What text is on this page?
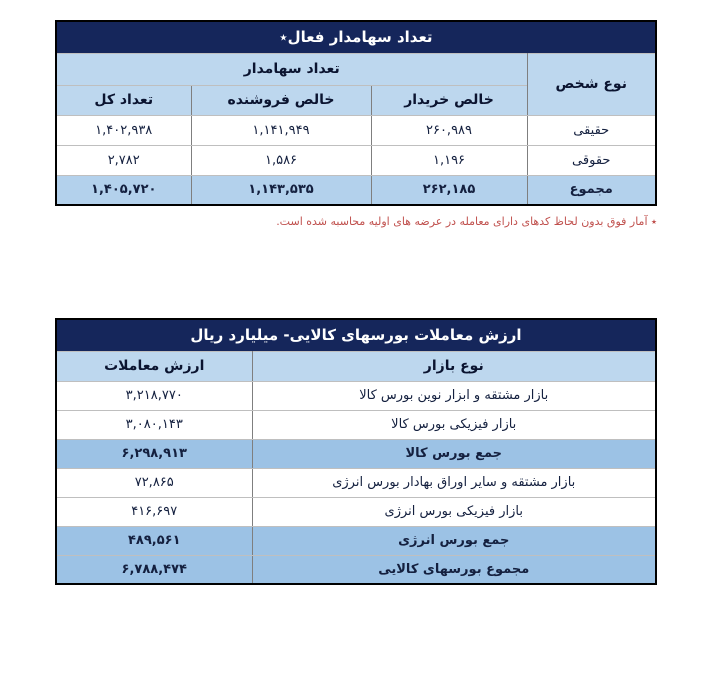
تعداد سهامدار فعال٭			
نوع شخص	تعداد سهامدار		
	خالص خریدار	خالص فروشنده	تعداد کل
حقیقی	۲۶۰,۹۸۹	۱,۱۴۱,۹۴۹	۱,۴۰۲,۹۳۸
حقوقی	۱,۱۹۶	۱,۵۸۶	۲,۷۸۲
مجموع	۲۶۲,۱۸۵	۱,۱۴۳,۵۳۵	۱,۴۰۵,۷۲۰
٭ آمار فوق بدون لحاظ کدهای دارای معامله در عرضه های اولیه محاسبه شده است.
ارزش معاملات بورسهای کالایی- میلیارد ریال	
نوع بازار	ارزش معاملات
بازار مشتقه و ابزار نوین بورس کالا	۳,۲۱۸,۷۷۰
بازار فیزیکی بورس کالا	۳,۰۸۰,۱۴۳
جمع بورس کالا	۶,۲۹۸,۹۱۳
بازار مشتقه و سایر اوراق بهادار بورس انرژی	۷۲,۸۶۵
بازار فیزیکی بورس انرژی	۴۱۶,۶۹۷
جمع بورس انرژی	۴۸۹,۵۶۱
مجموع بورسهای کالایی	۶,۷۸۸,۴۷۴
